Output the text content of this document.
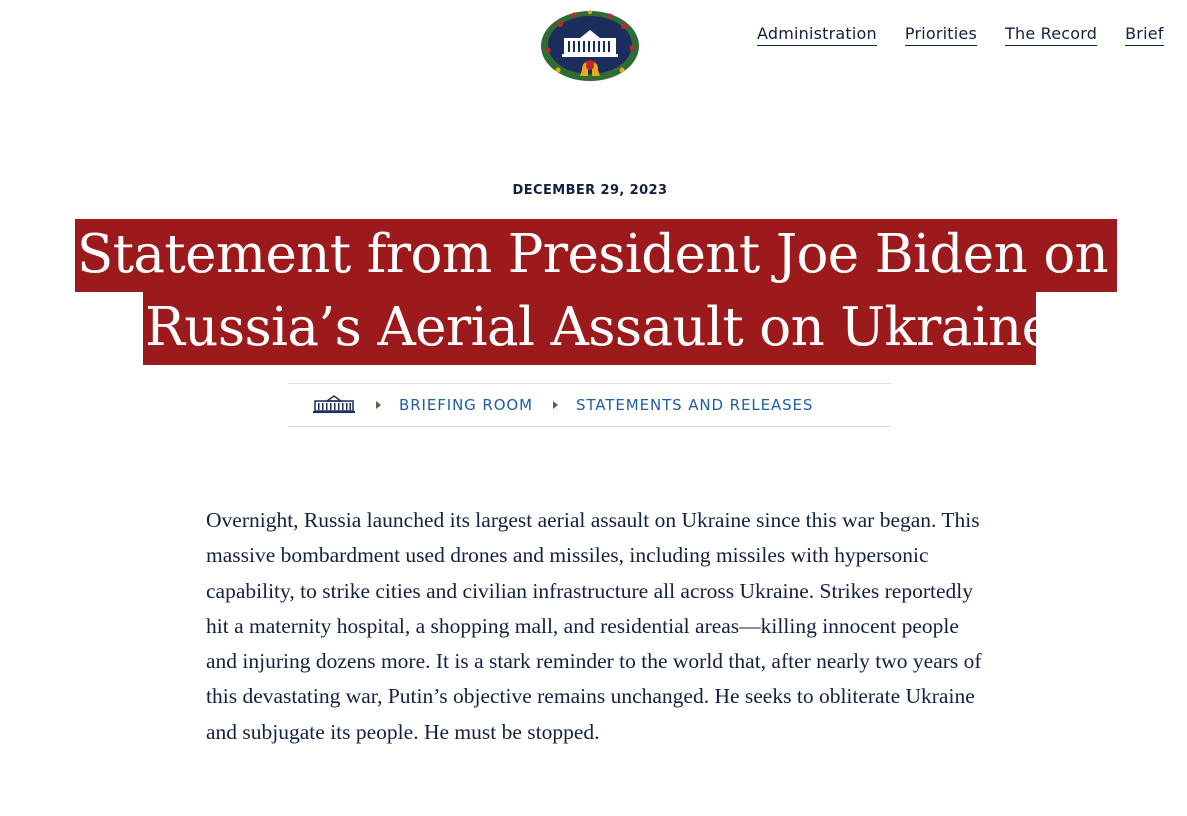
Administration Priorities The Record Brief
DECEMBER 29, 2023
Statement from President Joe Biden on
Russia’s Aerial Assault on Ukraine
BRIEFING ROOM	STATEMENTS AND RELEASES

Overnight, Russia launched its largest aerial assault on Ukraine since this war began. This massive bombardment used drones and missiles, including missiles with hypersonic capability, to strike cities and civilian infrastructure all across Ukraine. Strikes reportedly hit a maternity hospital, a shopping mall, and residential areas—killing innocent people and injuring dozens more. It is a stark reminder to the world that, after nearly two years of this devastating war, Putin’s objective remains unchanged. He seeks to obliterate Ukraine and subjugate its people. He must be stopped.
